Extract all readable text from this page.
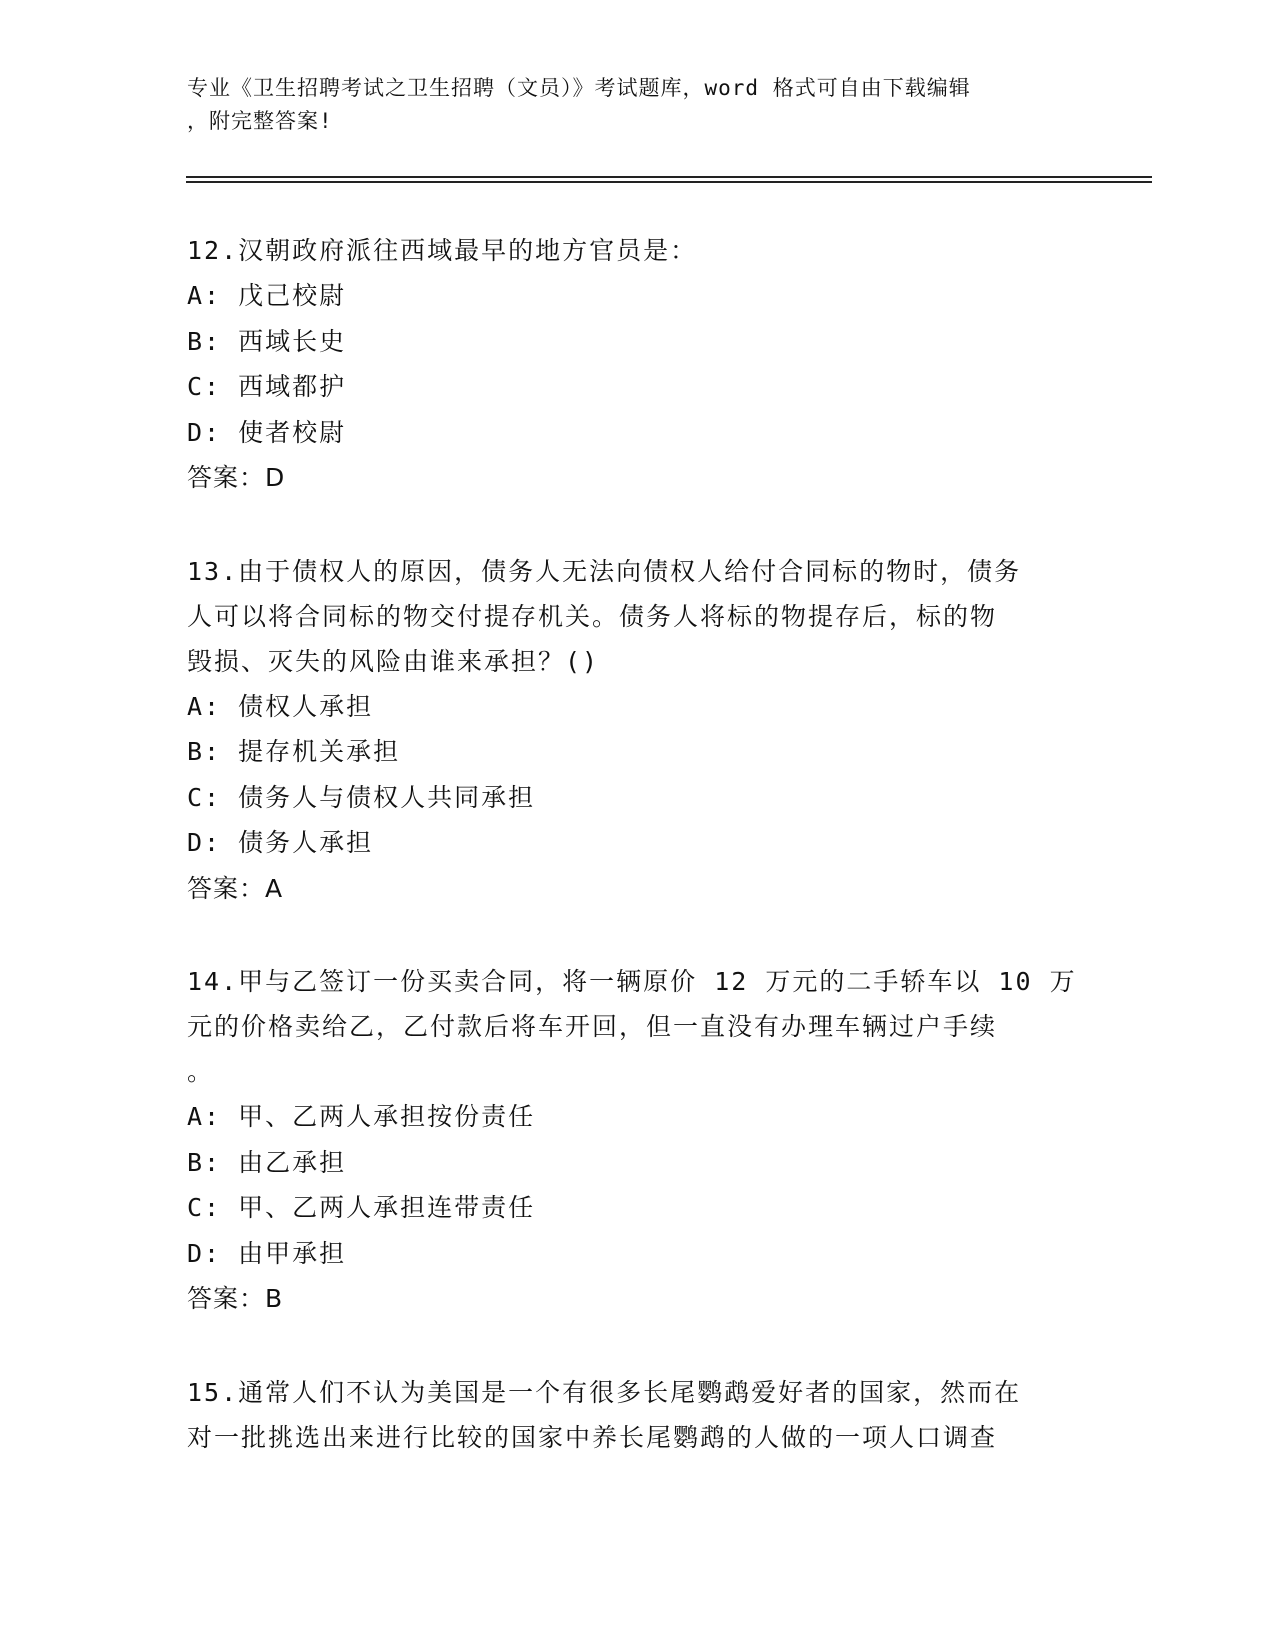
专业《卫生招聘考试之卫生招聘（文员）》考试题库，word 格式可自由下载编辑
，附完整答案!
12.汉朝政府派往西域最早的地方官员是：
A: 戊己校尉
B: 西域长史
C: 西域都护
D: 使者校尉
答案：D
13.由于债权人的原因，债务人无法向债权人给付合同标的物时，债务
人可以将合同标的物交付提存机关。债务人将标的物提存后，标的物
毁损、灭失的风险由谁来承担？()
A: 债权人承担
B: 提存机关承担
C: 债务人与债权人共同承担
D: 债务人承担
答案：A
14.甲与乙签订一份买卖合同，将一辆原价 12 万元的二手轿车以 10 万
元的价格卖给乙，乙付款后将车开回，但一直没有办理车辆过户手续
。
A: 甲、乙两人承担按份责任
B: 由乙承担
C: 甲、乙两人承担连带责任
D: 由甲承担
答案：B
15.通常人们不认为美国是一个有很多长尾鹦鹉爱好者的国家，然而在
对一批挑选出来进行比较的国家中养长尾鹦鹉的人做的一项人口调查
